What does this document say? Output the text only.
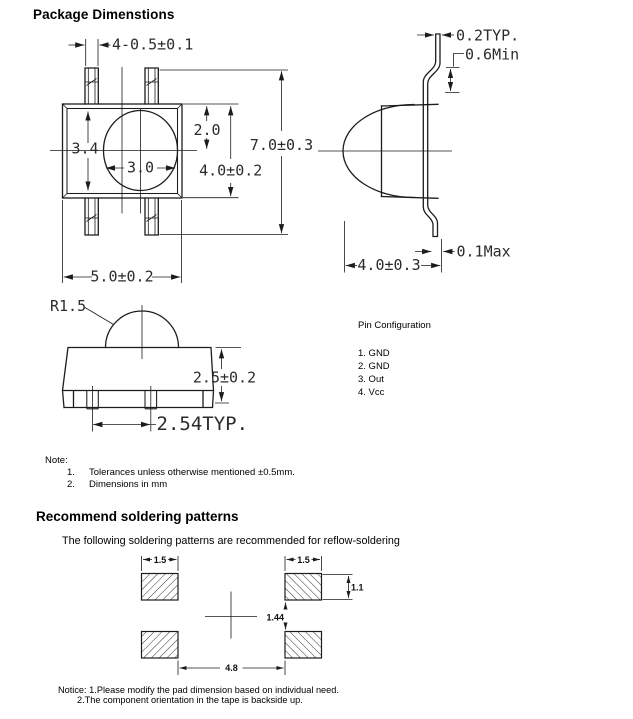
Package Dimenstions
4-0.5±0.1
3.4
2.0
3.0	4.0±0.2
7.0±0.3
5.0±0.2
0.2TYP.
0.6Min
0.1Max
4.0±0.3
R1.5
2.5±0.2
2.54TYP.
1.5	1.5
1.1
1.44
4.8
Pin Configuration
1. GND
2. GND
3. Out
4. Vcc
Note:
1.	Tolerances unless otherwise mentioned ±0.5mm.
2.	Dimensions in mm
Recommend soldering patterns
The following soldering patterns are recommended for reflow-soldering
Notice: 1.Please modify the pad dimension based on individual need.
2.The component orientation in the tape is backside up.
